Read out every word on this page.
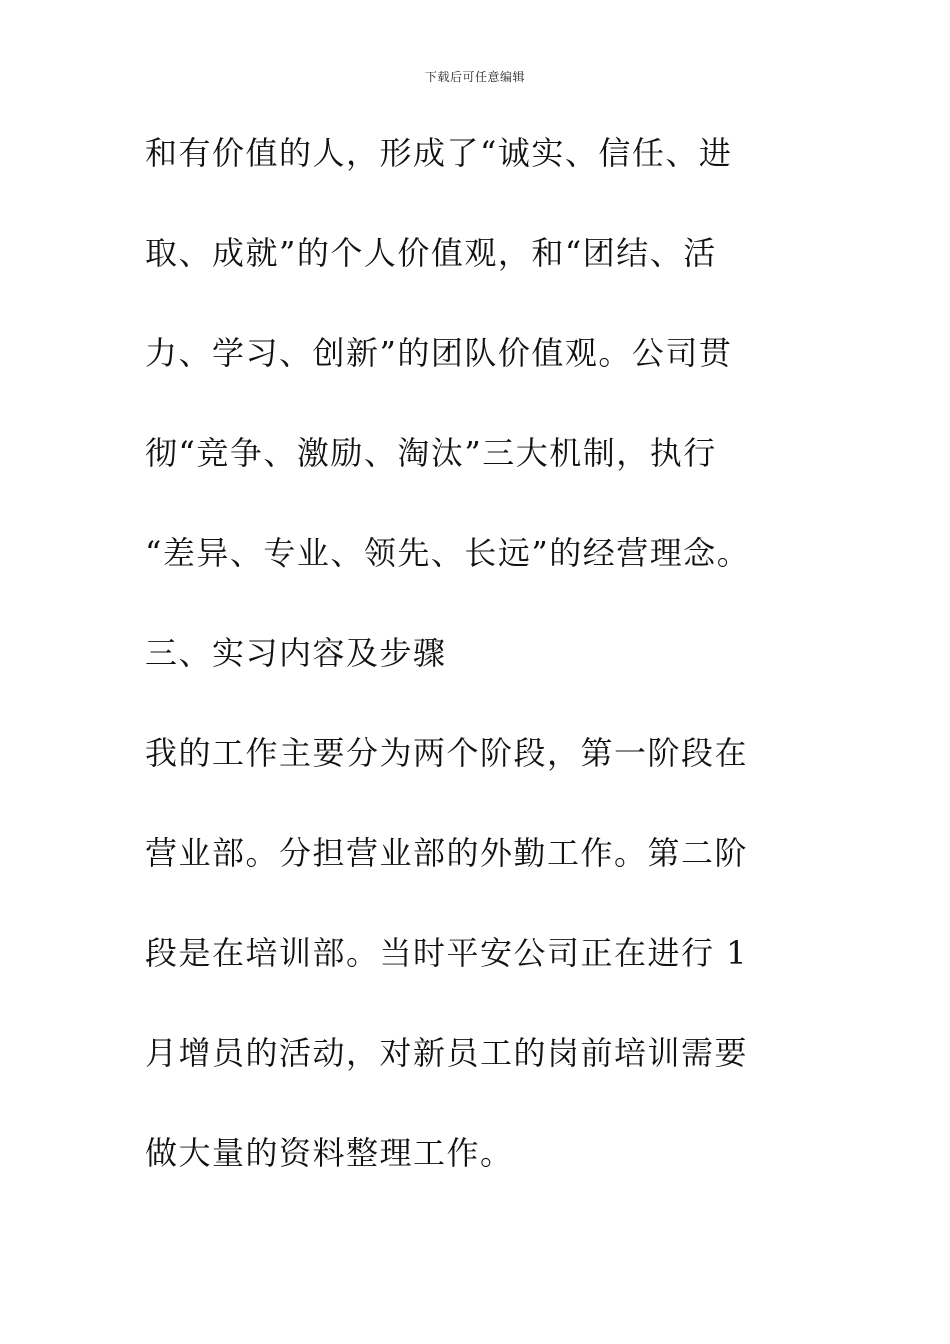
下载后可任意编辑
和有价值的人，形成了“诚实、信任、进
取、成就”的个人价值观，和“团结、活
力、学习、创新”的团队价值观。公司贯
彻“竞争、激励、淘汰”三大机制，执行
“差异、专业、领先、长远”的经营理念。
三、实习内容及步骤
我的工作主要分为两个阶段，第一阶段在
营业部。分担营业部的外勤工作。第二阶
段是在培训部。当时平安公司正在进行 1
月增员的活动，对新员工的岗前培训需要
做大量的资料整理工作。
